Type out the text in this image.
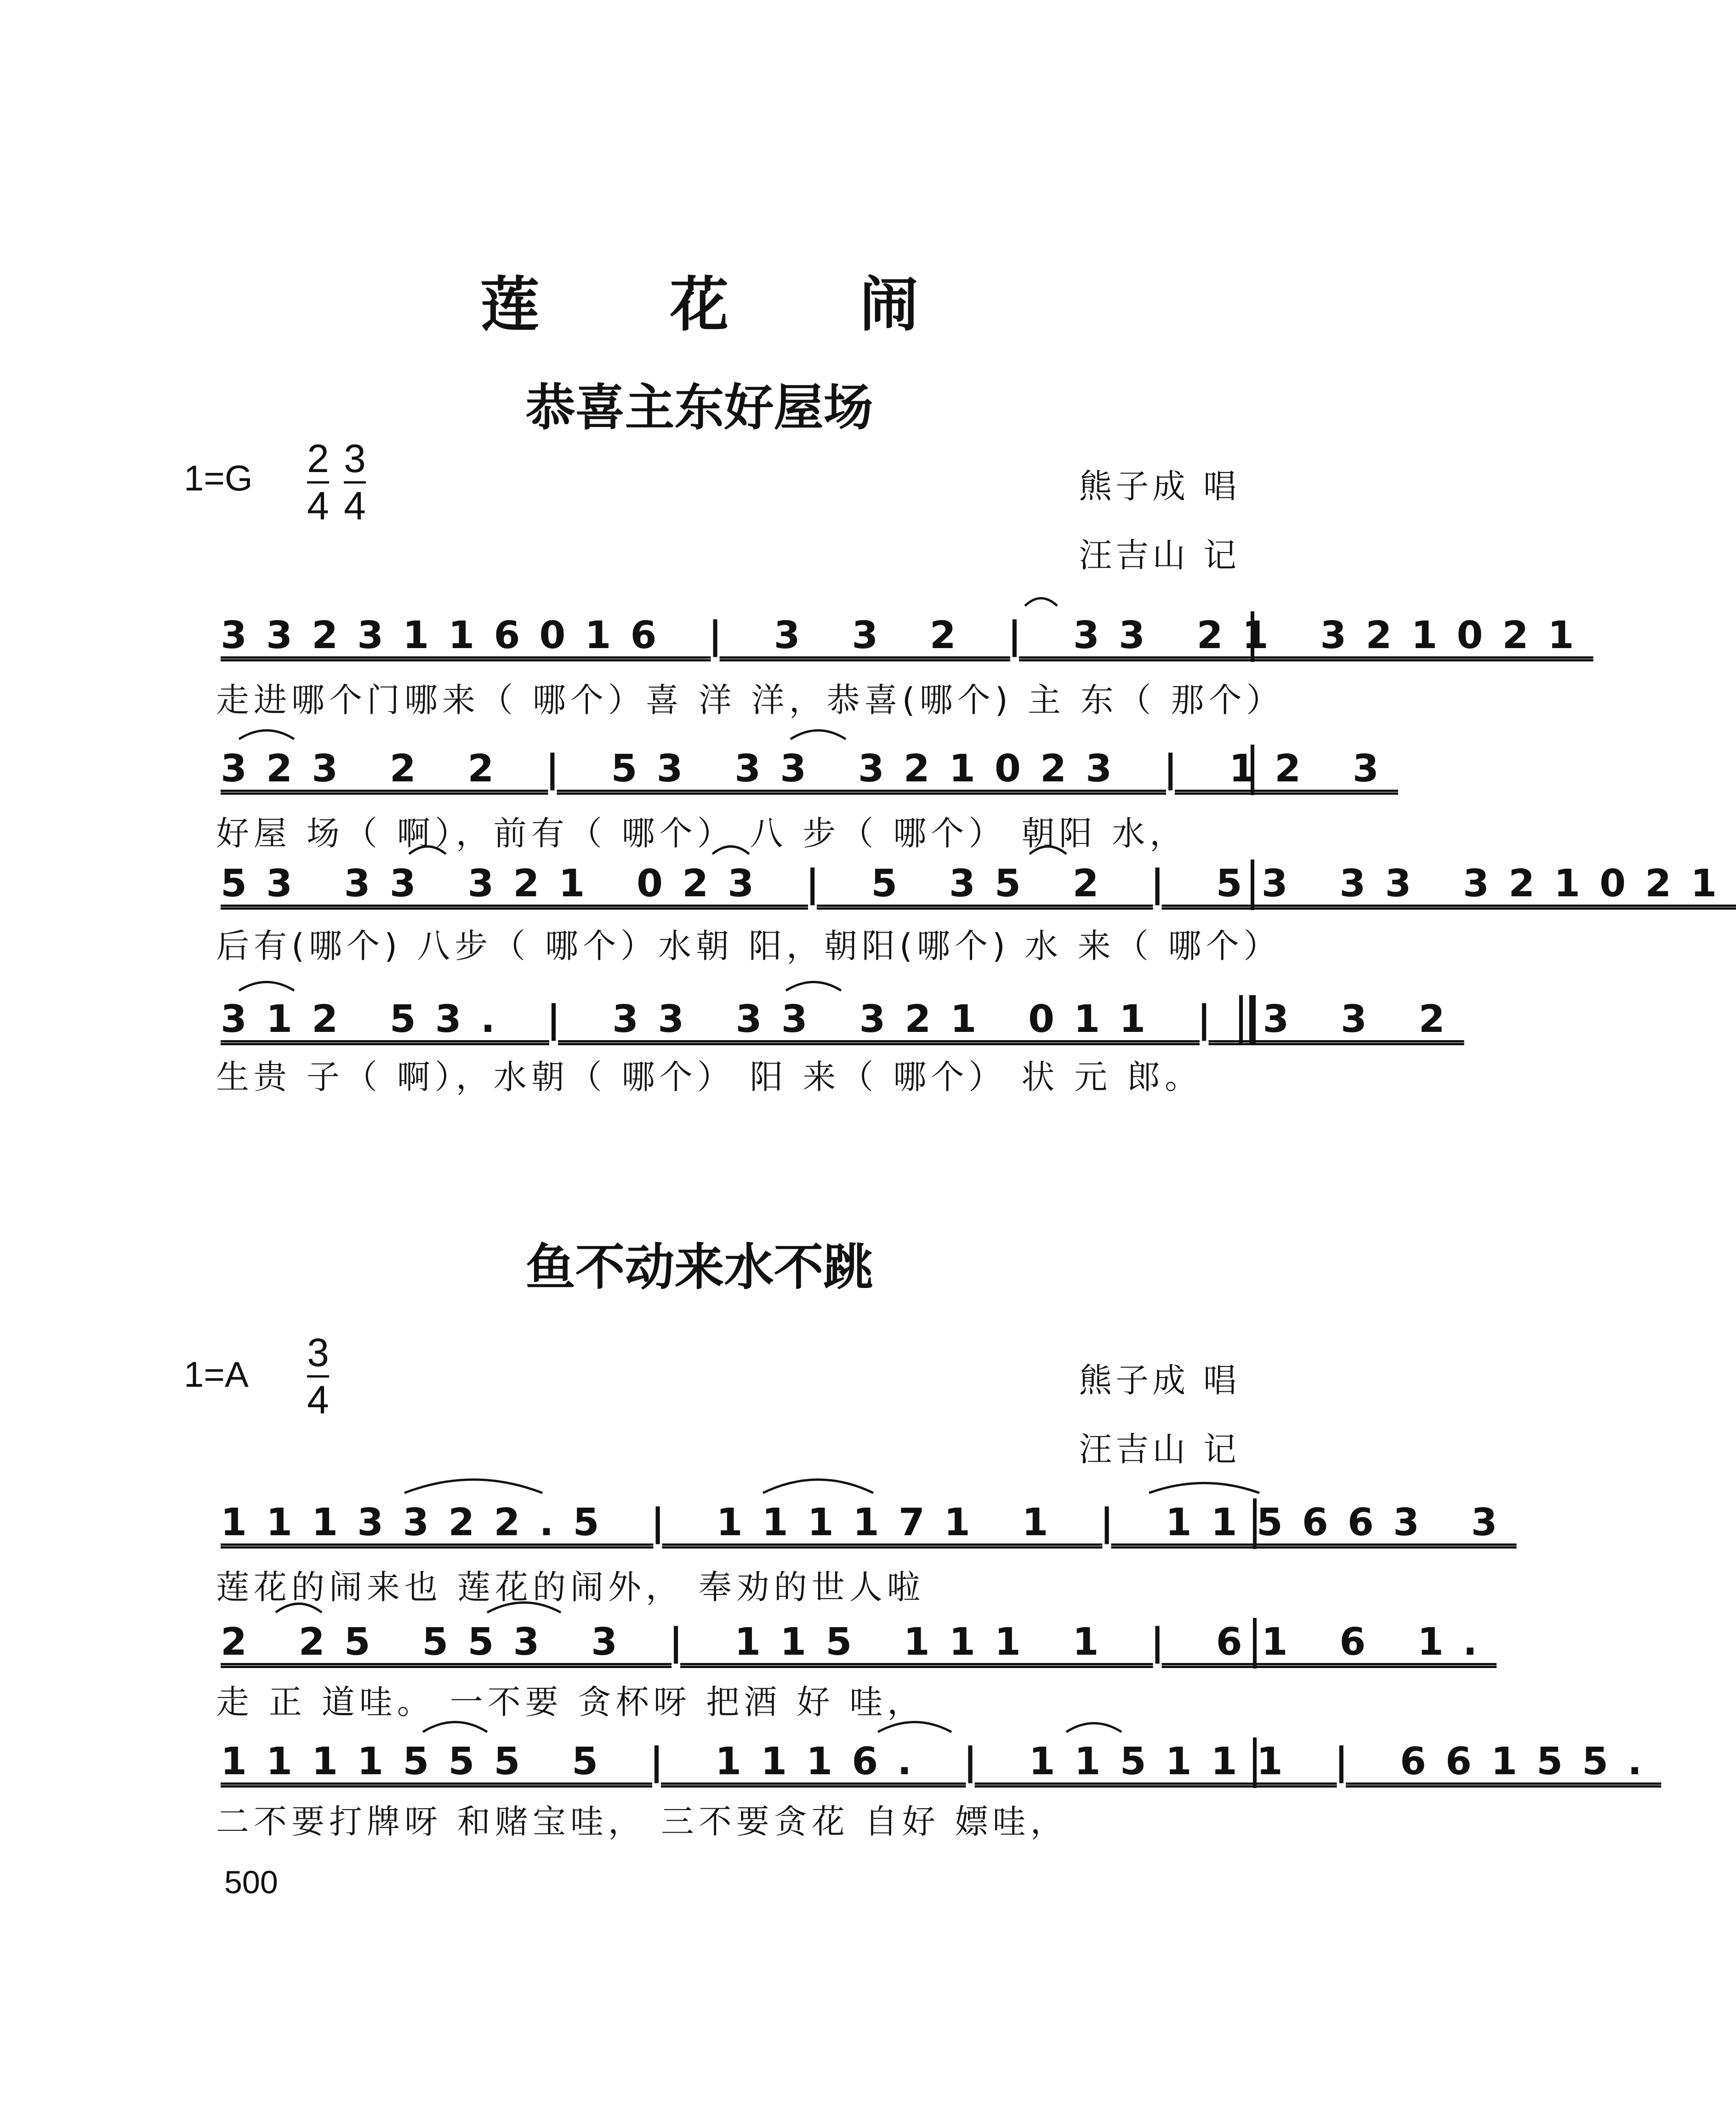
莲 花 闹
恭喜主东好屋场
1=G 2
4
3
4	熊子成 唱
汪吉山 记
3323116016 | 3 3 2 | 33 21 321021
走进哪个门哪来（ 哪个）喜 洋 洋，恭喜(哪个) 主 东（ 那个）
323 2 2 | 53 33 321023 | 12 3
好屋 场（ 啊），前有（ 哪个） 八 步（ 哪个） 朝阳 水，
53 33 321 023 | 5 35 2 | 53 33 321021
后有(哪个) 八步（ 哪个）水朝 阳，朝阳(哪个) 水 来（ 哪个）
312 53. | 33 33 321 011 | 3 3 2
生贵 子（ 啊），水朝（ 哪个） 阳 来（ 哪个） 状 元 郎。
鱼不动来水不跳
1=A 3
4	熊子成 唱
汪吉山 记
1113322.5 | 111171 1 | 115663 3
莲花的闹来也 莲花的闹外， 奉劝的世人啦
2 25 553 3 | 115 111 1 | 61 6 1.
走 正 道哇。 一不要 贪杯呀 把酒 好 哇，
1111555 5 | 1116. | 115111 | 66155.
二不要打牌呀 和赌宝哇， 三不要贪花 自好 嫖哇，
500
